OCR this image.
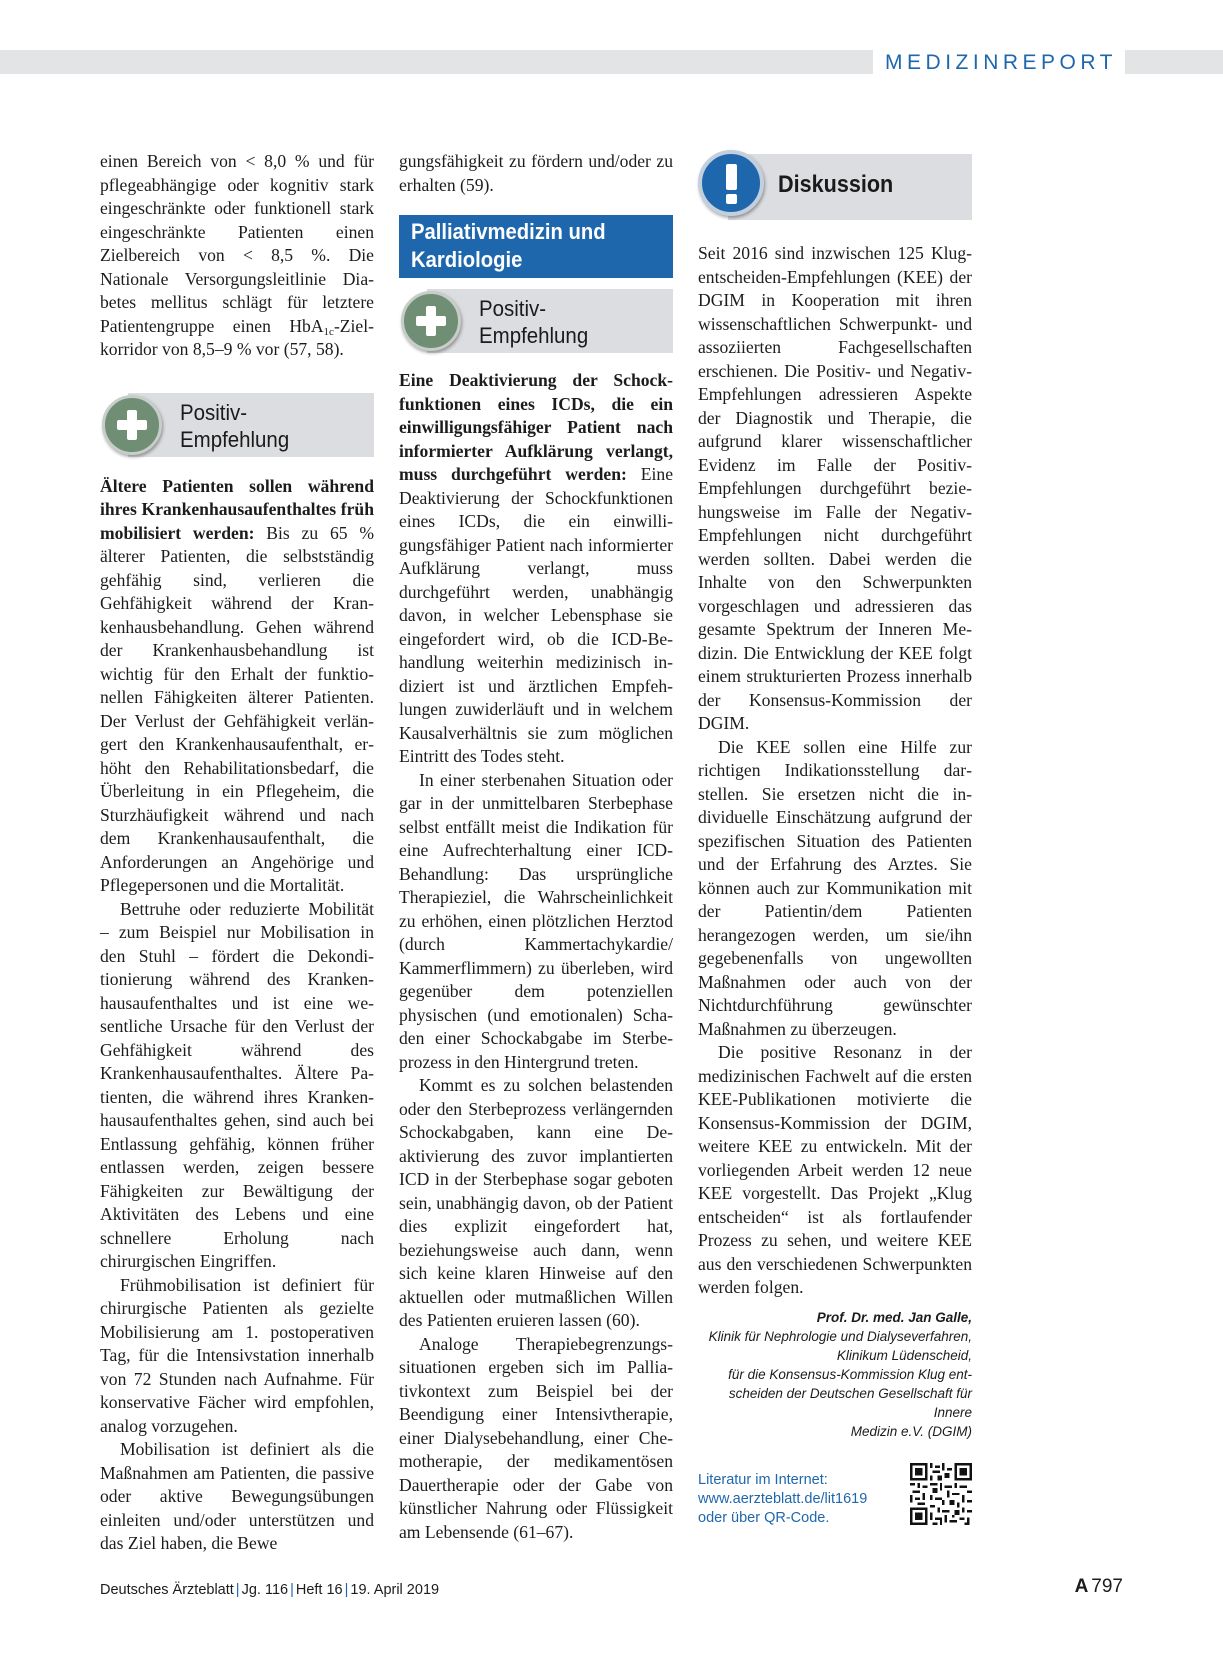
MEDIZINREPORT

einen Bereich von < 8,0 % und für pflegeabhängige oder kognitiv stark eingeschränkte oder funktionell stark eingeschränkte Patienten einen Zielbereich von < 8,5 %. Die Nationale Versorgungsleitlinie Diabetes mellitus schlägt für letztere Patientengruppe einen HbA$_{1c}$-Zielkorridor von 8,5–9 % vor (57, 58).

Positiv-
Empfehlung

Ältere Patienten sollen während ihres Krankenhausaufenthaltes früh mobilisiert werden: Bis zu 65 % älterer Patienten, die selbstständig gehfähig sind, verlieren die Gehfähigkeit während der Krankenhausbehandlung. Gehen während der Krankenhausbehandlung ist wichtig für den Erhalt der funktionellen Fähigkeiten älterer Patienten. Der Verlust der Gehfähigkeit verlängert den Krankenhausaufenthalt, erhöht den Rehabilitationsbedarf, die Überleitung in ein Pflegeheim, die Sturzhäufigkeit während und nach dem Krankenhausaufenthalt, die Anforderungen an Angehörige und Pflegepersonen und die Mortalität.

Bettruhe oder reduzierte Mobilität – zum Beispiel nur Mobilisation in den Stuhl – fördert die Dekonditionierung während des Krankenhausaufenthaltes und ist eine wesentliche Ursache für den Verlust der Gehfähigkeit während des Krankenhausaufenthaltes. Ältere Patienten, die während ihres Krankenhausaufenthaltes gehen, sind auch bei Entlassung gehfähig, können früher entlassen werden, zeigen bessere Fähigkeiten zur Bewältigung der Aktivitäten des Lebens und eine schnellere Erholung nach chirurgischen Eingriffen.

Frühmobilisation ist definiert für chirurgische Patienten als gezielte Mobilisierung am 1. postoperativen Tag, für die Intensivstation innerhalb von 72 Stunden nach Aufnahme. Für konservative Fächer wird empfohlen, analog vorzugehen.

Mobilisation ist definiert als die Maßnahmen am Patienten, die passive oder aktive Bewegungsübungen einleiten und/oder unterstützen und das Ziel haben, die Bewe

gungsfähigkeit zu fördern und/oder zu erhalten (59).

Palliativmedizin und
Kardiologie
Positiv-
Empfehlung

Eine Deaktivierung der Schockfunktionen eines ICDs, die ein einwilligungsfähiger Patient nach informierter Aufklärung verlangt, muss durchgeführt werden: Eine Deaktivierung der Schockfunktionen eines ICDs, die ein einwilligungsfähiger Patient nach informierter Aufklärung verlangt, muss durchgeführt werden, unabhängig davon, in welcher Lebensphase sie eingefordert wird, ob die ICD-Behandlung weiterhin medizinisch indiziert ist und ärztlichen Empfehlungen zuwiderläuft und in welchem Kausalverhältnis sie zum möglichen Eintritt des Todes steht.

In einer sterbenahen Situation oder gar in der unmittelbaren Sterbephase selbst entfällt meist die Indikation für eine Aufrechterhaltung einer ICD-Behandlung: Das ursprüngliche Therapieziel, die Wahrscheinlichkeit zu erhöhen, einen plötzlichen Herztod (durch Kammertachykardie/ Kammerflimmern) zu überleben, wird gegenüber dem potenziellen physischen (und emotionalen) Schaden einer Schockabgabe im Sterbeprozess in den Hintergrund treten.

Kommt es zu solchen belastenden oder den Sterbeprozess verlängernden Schockabgaben, kann eine Deaktivierung des zuvor implantierten ICD in der Sterbephase sogar geboten sein, unabhängig davon, ob der Patient dies explizit eingefordert hat, beziehungsweise auch dann, wenn sich keine klaren Hinweise auf den aktuellen oder mutmaßlichen Willen des Patienten eruieren lassen (60).

Analoge Therapiebegrenzungssituationen ergeben sich im Palliativkontext zum Beispiel bei der Beendigung einer Intensivtherapie, einer Dialysebehandlung, einer Chemotherapie, der medikamentösen Dauertherapie oder der Gabe von künstlicher Nahrung oder Flüssigkeit am Lebensende (61–67).

Diskussion

Seit 2016 sind inzwischen 125 Klugentscheiden-Empfehlungen (KEE) der DGIM in Kooperation mit ihren wissenschaftlichen Schwerpunkt- und assoziierten Fachgesellschaften erschienen. Die Positiv- und Negativ-Empfehlungen adressieren Aspekte der Diagnostik und Therapie, die aufgrund klarer wissenschaftlicher Evidenz im Falle der Positiv-Empfehlungen durchgeführt beziehungsweise im Falle der Negativ-Empfehlungen nicht durchgeführt werden sollten. Dabei werden die Inhalte von den Schwerpunkten vorgeschlagen und adressieren das gesamte Spektrum der Inneren Medizin. Die Entwicklung der KEE folgt einem strukturierten Prozess innerhalb der Konsensus-Kommission der DGIM.

Die KEE sollen eine Hilfe zur richtigen Indikationsstellung darstellen. Sie ersetzen nicht die individuelle Einschätzung aufgrund der spezifischen Situation des Patienten und der Erfahrung des Arztes. Sie können auch zur Kommunikation mit der Patientin/dem Patienten herangezogen werden, um sie/ihn gegebenenfalls von ungewollten Maßnahmen oder auch von der Nichtdurchführung gewünschter Maßnahmen zu überzeugen.

Die positive Resonanz in der medizinischen Fachwelt auf die ersten KEE-Publikationen motivierte die Konsensus-Kommission der DGIM, weitere KEE zu entwickeln. Mit der vorliegenden Arbeit werden 12 neue KEE vorgestellt. Das Projekt „Klug entscheiden“ ist als fortlaufender Prozess zu sehen, und weitere KEE aus den verschiedenen Schwerpunkten werden folgen.

Prof. Dr. med. Jan Galle,
Klinik für Nephrologie und Dialyseverfahren,
Klinikum Lüdenscheid,
für die Konsensus-Kommission Klug ent-
scheiden der Deutschen Gesellschaft für Innere
Medizin e.V. (DGIM)
Literatur im Internet:
www.aerzteblatt.de/lit1619
oder über QR-Code.
Deutsches Ärzteblatt | Jg. 116 | Heft 16 | 19. April 2019	A 797
